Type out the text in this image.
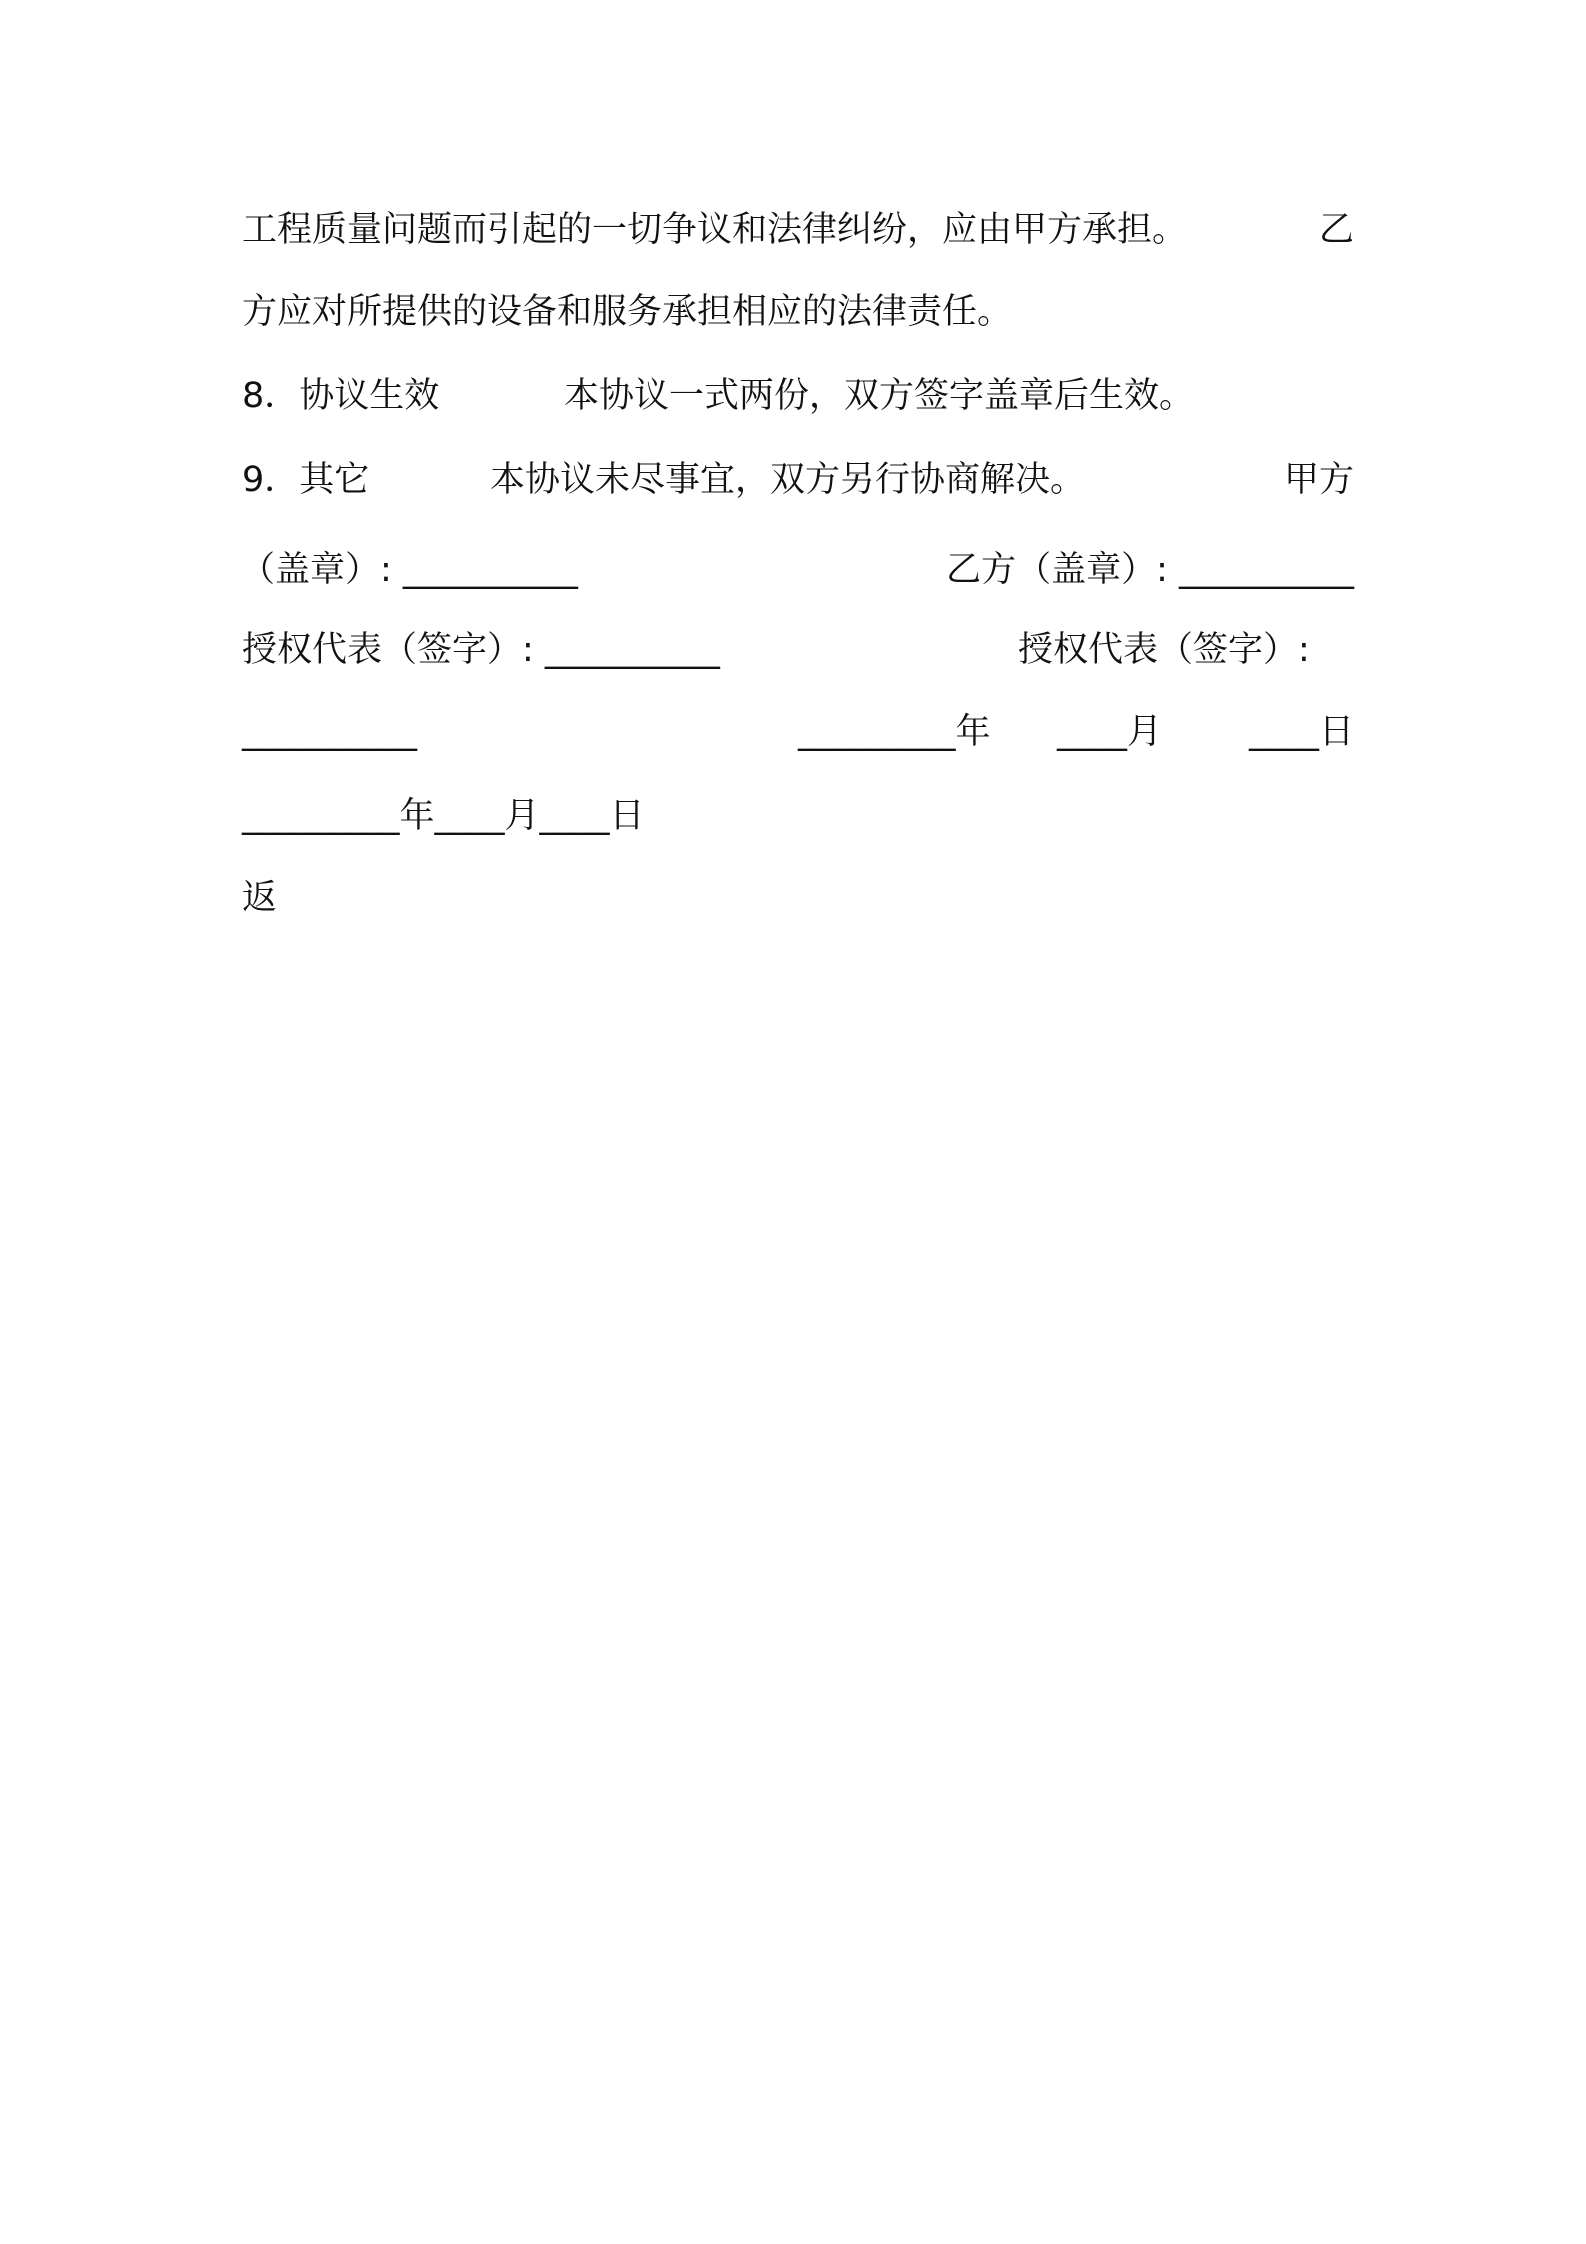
工程质量问题而引起的一切争议和法律纠纷，应由甲方承担。	乙
方应对所提供的设备和服务承担相应的法律责任。
8．协议生效	本协议一式两份，双方签字盖章后生效。
9．其它	本协议未尽事宜，双方另行协商解决。	甲方
（盖章）: __________	乙方（盖章）: __________
授权代表（签字）: __________	授权代表（签字）:
__________	_________年 ____月 ____日
_________年____月____日
返
